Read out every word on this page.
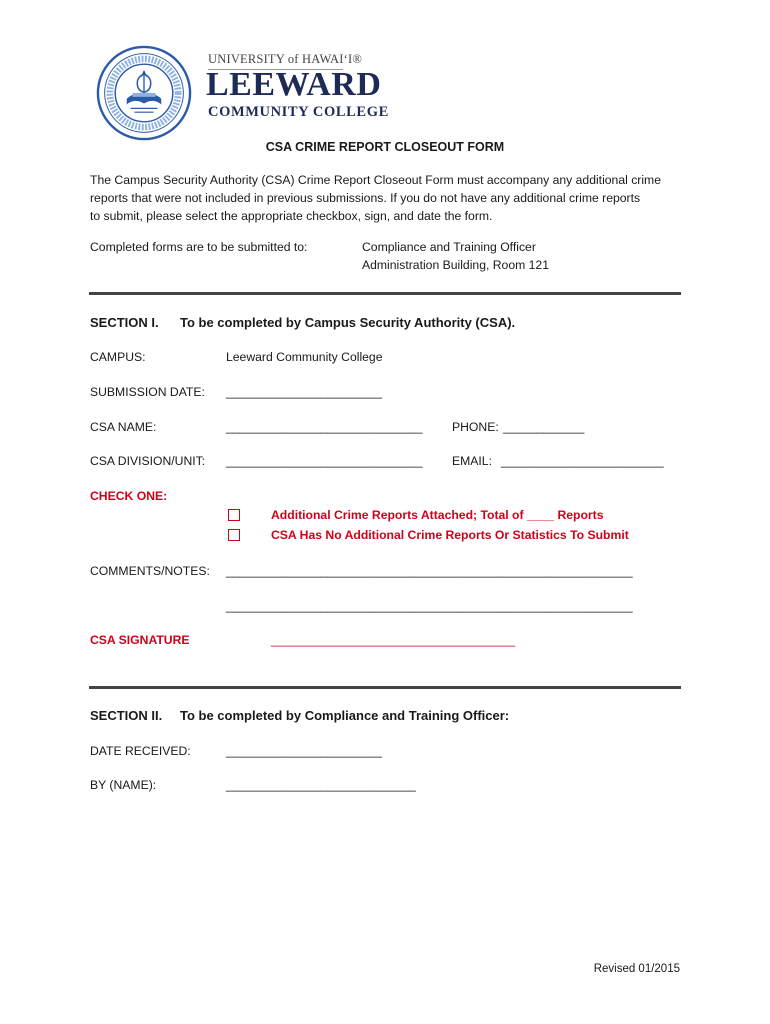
UNIVERSITY of HAWAI‘I®
LEEWARD
COMMUNITY COLLEGE
CSA CRIME REPORT CLOSEOUT FORM
The Campus Security Authority (CSA) Crime Report Closeout Form must accompany any additional crime
reports that were not included in previous submissions. If you do not have any additional crime reports
to submit, please select the appropriate checkbox, sign, and date the form.
Completed forms are to be submitted to:	Compliance and Training Officer
Administration Building, Room 121
SECTION I. To be completed by Campus Security Authority (CSA).
CAMPUS:	Leeward Community College
SUBMISSION DATE: _______________________
CSA NAME:	_____________________________ PHONE: ____________
CSA DIVISION/UNIT: _____________________________ EMAIL: ________________________
CHECK ONE:
Additional Crime Reports Attached; Total of ____ Reports
CSA Has No Additional Crime Reports Or Statistics To Submit
COMMENTS/NOTES: ____________________________________________________________
____________________________________________________________
CSA SIGNATURE	____________________________________
SECTION II. To be completed by Compliance and Training Officer:
DATE RECEIVED:	_______________________
BY (NAME):	____________________________
Revised 01/2015
